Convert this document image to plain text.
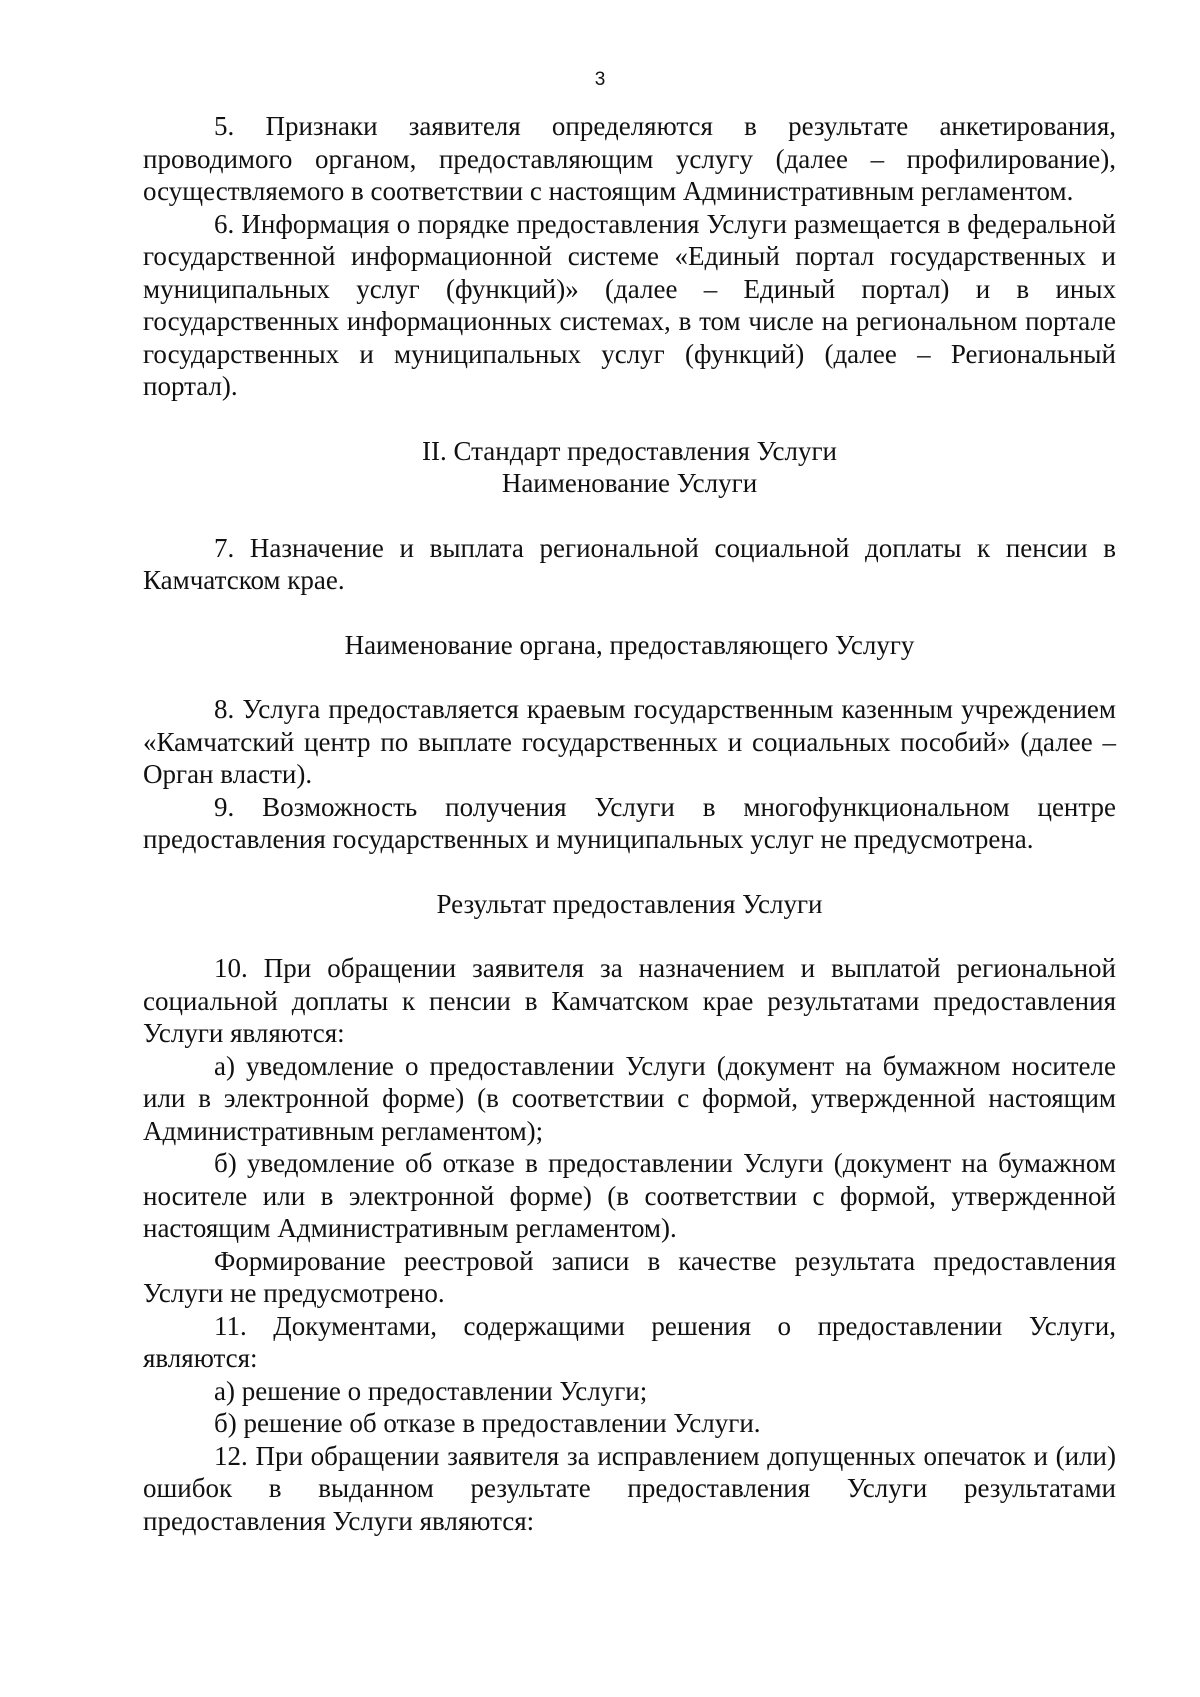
3

5. Признаки заявителя определяются в результате анкетирования, проводимого органом, предоставляющим услугу (далее – профилирование), осуществляемого в соответствии с настоящим Административным регламентом.

6. Информация о порядке предоставления Услуги размещается в федеральной государственной информационной системе «Единый портал государственных и муниципальных услуг (функций)» (далее – Единый портал) и в иных государственных информационных системах, в том числе на региональном портале государственных и муниципальных услуг (функций) (далее – Региональный портал).

II. Стандарт предоставления Услуги

Наименование Услуги

7. Назначение и выплата региональной социальной доплаты к пенсии в Камчатском крае.

Наименование органа, предоставляющего Услугу

8. Услуга предоставляется краевым государственным казенным учреждением «Камчатский центр по выплате государственных и социальных пособий» (далее – Орган власти).

9. Возможность получения Услуги в многофункциональном центре предоставления государственных и муниципальных услуг не предусмотрена.

Результат предоставления Услуги

10. При обращении заявителя за назначением и выплатой региональной социальной доплаты к пенсии в Камчатском крае результатами предоставления Услуги являются:

а) уведомление о предоставлении Услуги (документ на бумажном носителе или в электронной форме) (в соответствии с формой, утвержденной настоящим Административным регламентом);

б) уведомление об отказе в предоставлении Услуги (документ на бумажном носителе или в электронной форме) (в соответствии с формой, утвержденной настоящим Административным регламентом).

Формирование реестровой записи в качестве результата предоставления Услуги не предусмотрено.

11. Документами, содержащими решения о предоставлении Услуги, являются:

а) решение о предоставлении Услуги;

б) решение об отказе в предоставлении Услуги.

12. При обращении заявителя за исправлением допущенных опечаток и (или) ошибок в выданном результате предоставления Услуги результатами предоставления Услуги являются:
